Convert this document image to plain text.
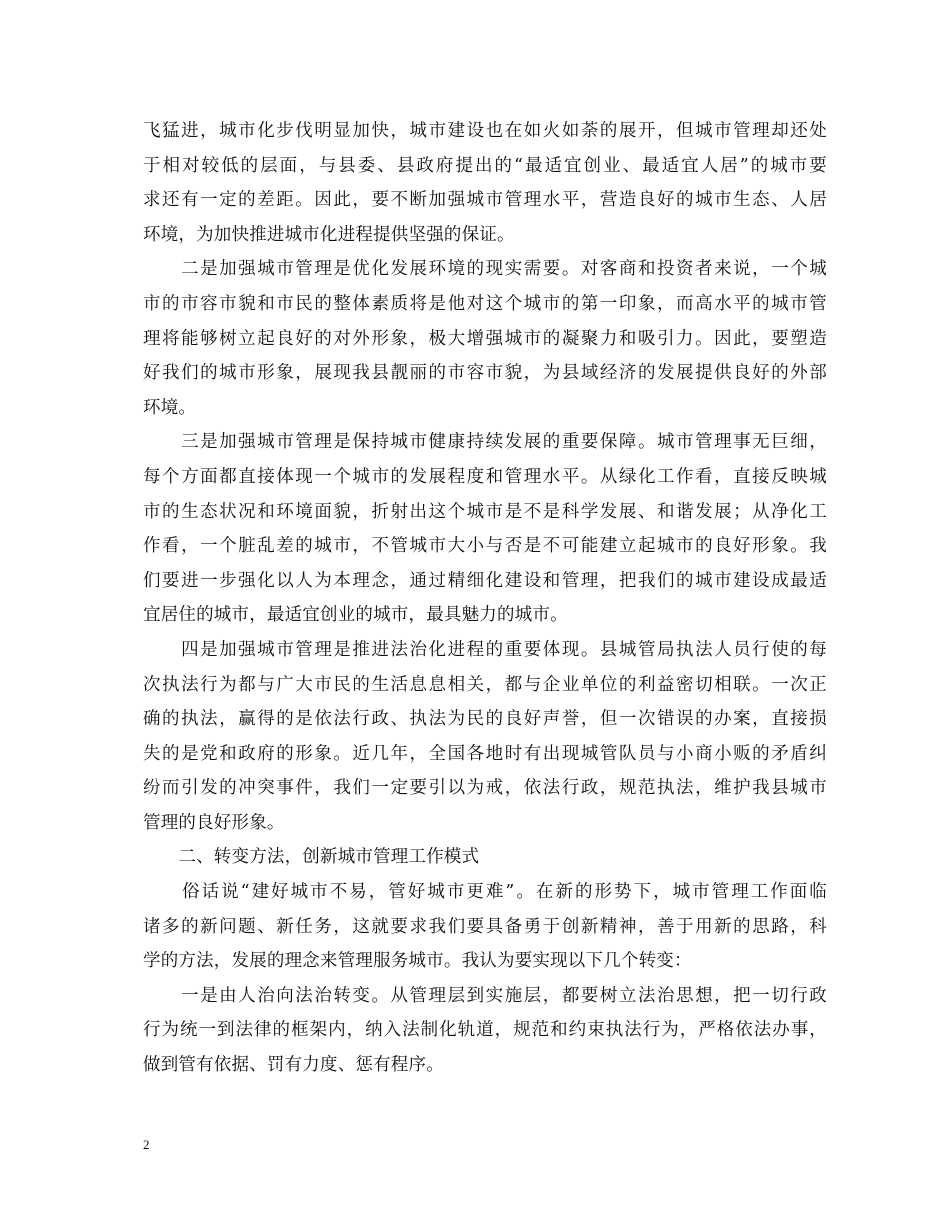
飞猛进，城市化步伐明显加快，城市建设也在如火如荼的展开，但城市管理却还处
于相对较低的层面，与县委、县政府提出的“最适宜创业、最适宜人居”的城市要
求还有一定的差距。因此，要不断加强城市管理水平，营造良好的城市生态、人居
环境，为加快推进城市化进程提供坚强的保证。
　　二是加强城市管理是优化发展环境的现实需要。对客商和投资者来说，一个城
市的市容市貌和市民的整体素质将是他对这个城市的第一印象，而高水平的城市管
理将能够树立起良好的对外形象，极大增强城市的凝聚力和吸引力。因此，要塑造
好我们的城市形象，展现我县靓丽的市容市貌，为县域经济的发展提供良好的外部
环境。
　　三是加强城市管理是保持城市健康持续发展的重要保障。城市管理事无巨细，
每个方面都直接体现一个城市的发展程度和管理水平。从绿化工作看，直接反映城
市的生态状况和环境面貌，折射出这个城市是不是科学发展、和谐发展；从净化工
作看，一个脏乱差的城市，不管城市大小与否是不可能建立起城市的良好形象。我
们要进一步强化以人为本理念，通过精细化建设和管理，把我们的城市建设成最适
宜居住的城市，最适宜创业的城市，最具魅力的城市。
　　四是加强城市管理是推进法治化进程的重要体现。县城管局执法人员行使的每
次执法行为都与广大市民的生活息息相关，都与企业单位的利益密切相联。一次正
确的执法，赢得的是依法行政、执法为民的良好声誉，但一次错误的办案，直接损
失的是党和政府的形象。近几年，全国各地时有出现城管队员与小商小贩的矛盾纠
纷而引发的冲突事件，我们一定要引以为戒，依法行政，规范执法，维护我县城市
管理的良好形象。
　　二、转变方法，创新城市管理工作模式
　　俗话说“建好城市不易，管好城市更难”。在新的形势下，城市管理工作面临
诸多的新问题、新任务，这就要求我们要具备勇于创新精神，善于用新的思路，科
学的方法，发展的理念来管理服务城市。我认为要实现以下几个转变：
　　一是由人治向法治转变。从管理层到实施层，都要树立法治思想，把一切行政
行为统一到法律的框架内，纳入法制化轨道，规范和约束执法行为，严格依法办事，
做到管有依据、罚有力度、惩有程序。
2
